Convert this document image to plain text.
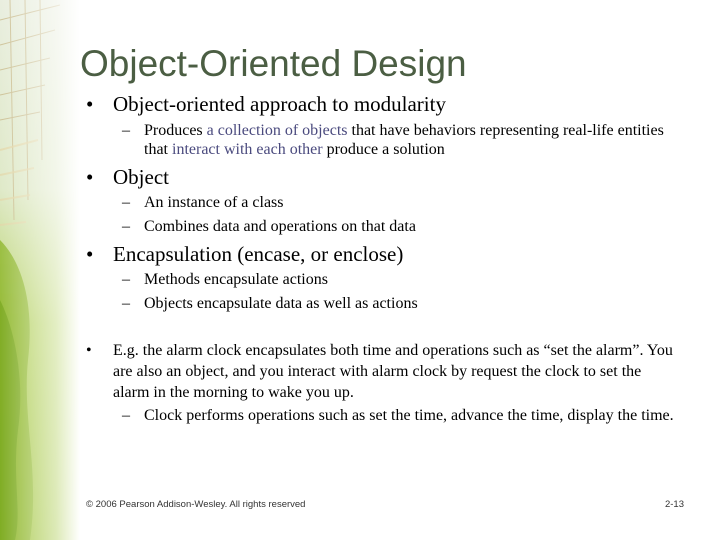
Object-Oriented Design
• Object-oriented approach to modularity
– Produces a collection of objects that have behaviors representing real-life entities that interact with each other produce a solution
• Object
– An instance of a class
– Combines data and operations on that data
• Encapsulation (encase, or enclose)
– Methods encapsulate actions
– Objects encapsulate data as well as actions
• E.g. the alarm clock encapsulates both time and operations such as “set the alarm”. You are also an object, and you interact with alarm clock by request the clock to set the alarm in the morning to wake you up.
– Clock performs operations such as set the time, advance the time, display the time.
© 2006 Pearson Addison-Wesley. All rights reserved	2-13
